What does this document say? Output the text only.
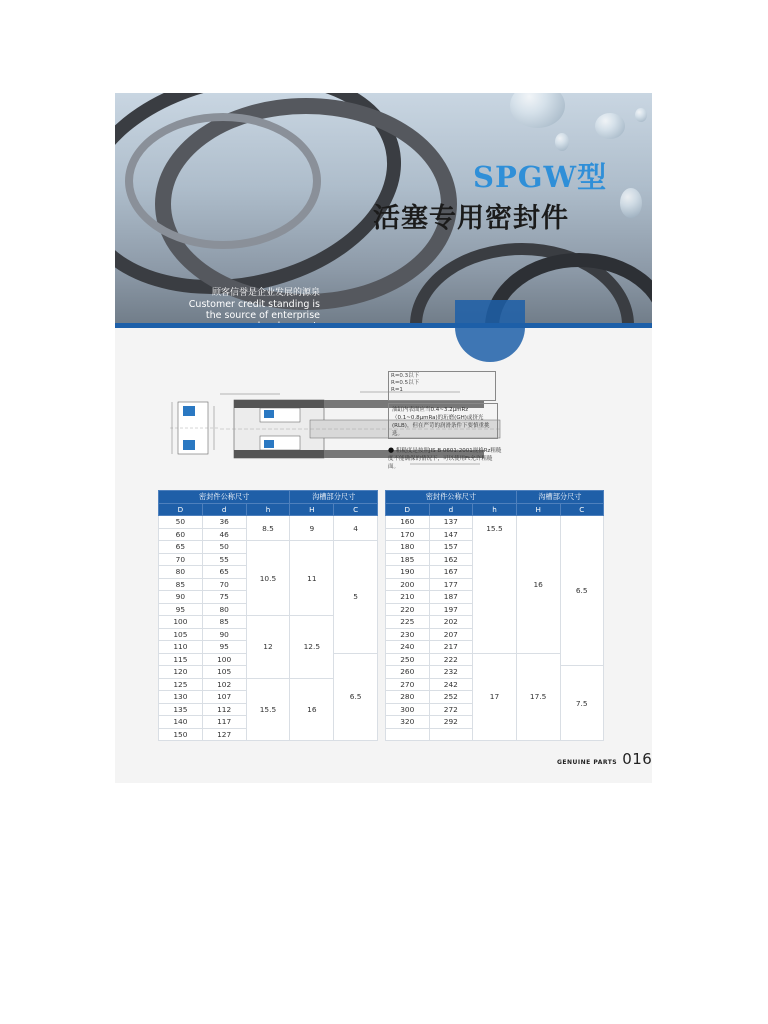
SPGW型
活塞专用密封件
顾客信誉是企业发展的源泉
Customer credit standing is
the source of enterprise
R=0.3以下
R=0.5以下
R=1
油缸内表面应当0.4~3.2μmRz（0.1~0.8μmRa)的珩磨(GH)或挤光(RLB)，但在严苛的润滑条件下要慎重挑选。
● 粗糙度是按照JIS B 0601:2001规格Rz粗糙度不能确保的情况下，可以使用Ft允许粗糙面。
密封件公称尺寸			沟槽部分尺寸	
D	d	h	H	C
50	36	8.5	9	4
60	46			
65	50	10.5	11	5
70	55			
80	65			
85	70			
90	75			
95	80			
100	85	12	12.5	
105	90			
110	95			
115	100			6.5
120	105			
125	102	15.5	16	
130	107			
135	112			
140	117			
150	127			
密封件公称尺寸			沟槽部分尺寸	
D	d	h	H	C
160	137	15.5	16	6.5
170	147			
180	157			
185	162			
190	167			
200	177			
210	187			
220	197			
225	202			
230	207			
240	217			
250	222	17	17.5	
260	232			7.5
270	242			
280	252			
300	272			
320	292			

GENUINE PARTS 016
